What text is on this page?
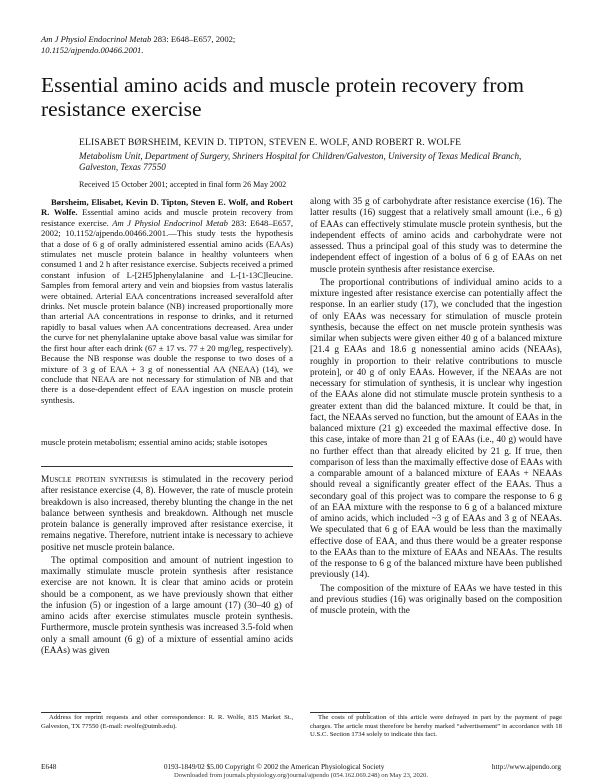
Am J Physiol Endocrinol Metab 283: E648–E657, 2002;
10.1152/ajpendo.00466.2001.
Essential amino acids and muscle protein recovery from resistance exercise
ELISABET BØRSHEIM, KEVIN D. TIPTON, STEVEN E. WOLF, AND ROBERT R. WOLFE
Metabolism Unit, Department of Surgery, Shriners Hospital for Children/Galveston, University of Texas Medical Branch, Galveston, Texas 77550
Received 15 October 2001; accepted in final form 26 May 2002

Børsheim, Elisabet, Kevin D. Tipton, Steven E. Wolf, and Robert R. Wolfe. Essential amino acids and muscle protein recovery from resistance exercise. Am J Physiol Endocrinol Metab 283: E648–E657, 2002; 10.1152/ajpendo.00466.2001.—This study tests the hypothesis that a dose of 6 g of orally administered essential amino acids (EAAs) stimulates net muscle protein balance in healthy volunteers when consumed 1 and 2 h after resistance exercise. Subjects received a primed constant infusion of L-[2H5]phenylalanine and L-[1-13C]leucine. Samples from femoral artery and vein and biopsies from vastus lateralis were obtained. Arterial EAA concentrations increased severalfold after drinks. Net muscle protein balance (NB) increased proportionally more than arterial AA concentrations in response to drinks, and it returned rapidly to basal values when AA concentrations decreased. Area under the curve for net phenylalanine uptake above basal value was similar for the first hour after each drink (67 ± 17 vs. 77 ± 20 mg/leg, respectively). Because the NB response was double the response to two doses of a mixture of 3 g of EAA + 3 g of nonessential AA (NEAA) (14), we conclude that NEAA are not necessary for stimulation of NB and that there is a dose-dependent effect of EAA ingestion on muscle protein synthesis.

muscle protein metabolism; essential amino acids; stable isotopes

Muscle protein synthesis is stimulated in the recovery period after resistance exercise (4, 8). However, the rate of muscle protein breakdown is also increased, thereby blunting the change in the net balance between synthesis and breakdown. Although net muscle protein balance is generally improved after resistance exercise, it remains negative. Therefore, nutrient intake is necessary to achieve positive net muscle protein balance.

The optimal composition and amount of nutrient ingestion to maximally stimulate muscle protein synthesis after resistance exercise are not known. It is clear that amino acids or protein should be a component, as we have previously shown that either the infusion (5) or ingestion of a large amount (17) (30–40 g) of amino acids after exercise stimulates muscle protein synthesis. Furthermore, muscle protein synthesis was increased 3.5-fold when only a small amount (6 g) of a mixture of essential amino acids (EAAs) was given

along with 35 g of carbohydrate after resistance exercise (16). The latter results (16) suggest that a relatively small amount (i.e., 6 g) of EAAs can effectively stimulate muscle protein synthesis, but the independent effects of amino acids and carbohydrate were not assessed. Thus a principal goal of this study was to determine the independent effect of ingestion of a bolus of 6 g of EAAs on net muscle protein synthesis after resistance exercise.

The proportional contributions of individual amino acids to a mixture ingested after resistance exercise can potentially affect the response. In an earlier study (17), we concluded that the ingestion of only EAAs was necessary for stimulation of muscle protein synthesis, because the effect on net muscle protein synthesis was similar when subjects were given either 40 g of a balanced mixture [21.4 g EAAs and 18.6 g nonessential amino acids (NEAAs), roughly in proportion to their relative contributions to muscle protein], or 40 g of only EAAs. However, if the NEAAs are not necessary for stimulation of synthesis, it is unclear why ingestion of the EAAs alone did not stimulate muscle protein synthesis to a greater extent than did the balanced mixture. It could be that, in fact, the NEAAs served no function, but the amount of EAAs in the balanced mixture (21 g) exceeded the maximal effective dose. In this case, intake of more than 21 g of EAAs (i.e., 40 g) would have no further effect than that already elicited by 21 g. If true, then comparison of less than the maximally effective dose of EAAs with a comparable amount of a balanced mixture of EAAs + NEAAs should reveal a significantly greater effect of the EAAs. Thus a secondary goal of this project was to compare the response to 6 g of an EAA mixture with the response to 6 g of a balanced mixture of amino acids, which included ~3 g of EAAs and 3 g of NEAAs. We speculated that 6 g of EAA would be less than the maximally effective dose of EAA, and thus there would be a greater response to the EAAs than to the mixture of EAAs and NEAAs. The results of the response to 6 g of the balanced mixture have been published previously (14).

The composition of the mixture of EAAs we have tested in this and previous studies (16) was originally based on the composition of muscle protein, with the

Address for reprint requests and other correspondence: R. R. Wolfe, 815 Market St., Galveston, TX 77550 (E-mail: rwolfe@utmb.edu).

The costs of publication of this article were defrayed in part by the payment of page charges. The article must therefore be hereby marked “advertisement” in accordance with 18 U.S.C. Section 1734 solely to indicate this fact.

E648	0193-1849/02 $5.00 Copyright © 2002 the American Physiological Society	http://www.ajpendo.org
Downloaded from journals.physiology.org/journal/ajpendo (054.162.069.248) on May 23, 2020.
